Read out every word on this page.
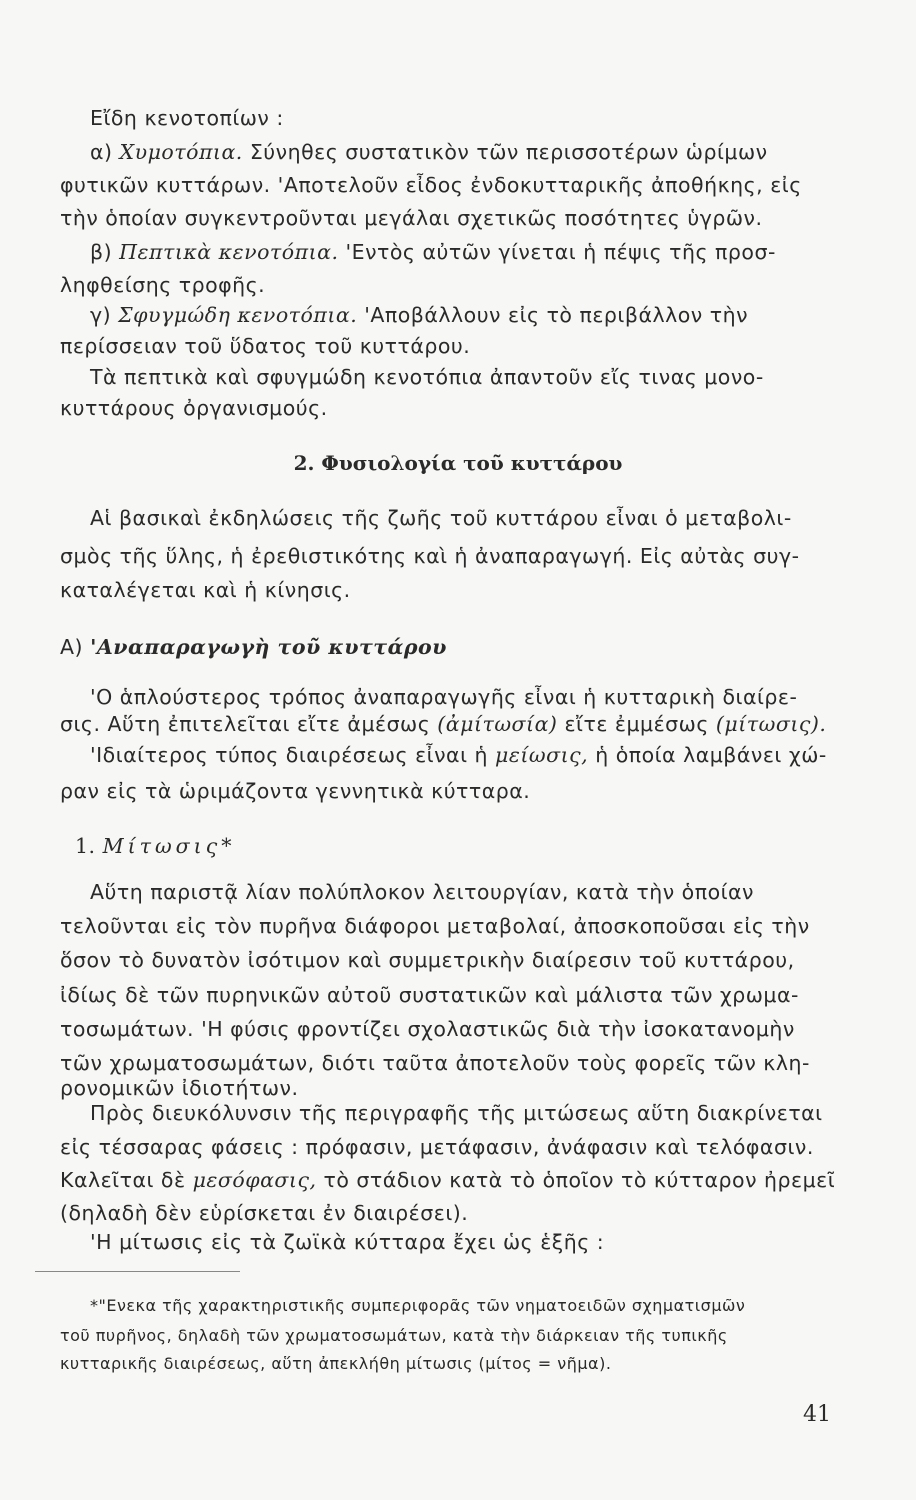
Εἴδη κενοτοπίων :
α) Χυμοτόπια. Σύνηθες συστατικὸν τῶν περισσοτέρων ὡρίμων
φυτικῶν κυττάρων. 'Αποτελοῦν εἶδος ἐνδοκυτταρικῆς ἀποθήκης, εἰς
τὴν ὁποίαν συγκεντροῦνται μεγάλαι σχετικῶς ποσότητες ὑγρῶν.
β) Πεπτικὰ κενοτόπια. 'Εντὸς αὐτῶν γίνεται ἡ πέψις τῆς προσ-
ληφθείσης τροφῆς.
γ) Σφυγμώδη κενοτόπια. 'Αποβάλλουν εἰς τὸ περιβάλλον τὴν
περίσσειαν τοῦ ὕδατος τοῦ κυττάρου.
Τὰ πεπτικὰ καὶ σφυγμώδη κενοτόπια ἀπαντοῦν εἴς τινας μονο-
κυττάρους ὀργανισμούς.
2. Φυσιολογία τοῦ κυττάρου
Αἱ βασικαὶ ἐκδηλώσεις τῆς ζωῆς τοῦ κυττάρου εἶναι ὁ μεταβολι-
σμὸς τῆς ὕλης, ἡ ἐρεθιστικότης καὶ ἡ ἀναπαραγωγή. Εἰς αὐτὰς συγ-
καταλέγεται καὶ ἡ κίνησις.
Α) 'Αναπαραγωγὴ τοῦ κυττάρου
'Ο ἁπλούστερος τρόπος ἀναπαραγωγῆς εἶναι ἡ κυτταρικὴ διαίρε-
σις. Αὕτη ἐπιτελεῖται εἴτε ἀμέσως (ἀμίτωσία) εἴτε ἐμμέσως (μίτωσις).
'Ιδιαίτερος τύπος διαιρέσεως εἶναι ἡ μείωσις, ἡ ὁποία λαμβάνει χώ-
ραν εἰς τὰ ὡριμάζοντα γεννητικὰ κύτταρα.
1. Μίτωσις*
Αὕτη παριστᾷ λίαν πολύπλοκον λειτουργίαν, κατὰ τὴν ὁποίαν
τελοῦνται εἰς τὸν πυρῆνα διάφοροι μεταβολαί, ἀποσκοποῦσαι εἰς τὴν
ὅσον τὸ δυνατὸν ἰσότιμον καὶ συμμετρικὴν διαίρεσιν τοῦ κυττάρου,
ἰδίως δὲ τῶν πυρηνικῶν αὐτοῦ συστατικῶν καὶ μάλιστα τῶν χρωμα-
τοσωμάτων. 'Η φύσις φροντίζει σχολαστικῶς διὰ τὴν ἰσοκατανομὴν
τῶν χρωματοσωμάτων, διότι ταῦτα ἀποτελοῦν τοὺς φορεῖς τῶν κλη-
ρονομικῶν ἰδιοτήτων.
Πρὸς διευκόλυνσιν τῆς περιγραφῆς τῆς μιτώσεως αὕτη διακρίνεται
εἰς τέσσαρας φάσεις : πρόφασιν, μετάφασιν, ἀνάφασιν καὶ τελόφασιν.
Καλεῖται δὲ μεσόφασις, τὸ στάδιον κατὰ τὸ ὁποῖον τὸ κύτταρον ἠρεμεῖ
(δηλαδὴ δὲν εὑρίσκεται ἐν διαιρέσει).
'Η μίτωσις εἰς τὰ ζωϊκὰ κύτταρα ἔχει ὡς ἑξῆς :
*"Ενεκα τῆς χαρακτηριστικῆς συμπεριφορᾶς τῶν νηματοειδῶν σχηματισμῶν
τοῦ πυρῆνος, δηλαδὴ τῶν χρωματοσωμάτων, κατὰ τὴν διάρκειαν τῆς τυπικῆς
κυτταρικῆς διαιρέσεως, αὕτη ἀπεκλήθη μίτωσις (μίτος = νῆμα).
41
